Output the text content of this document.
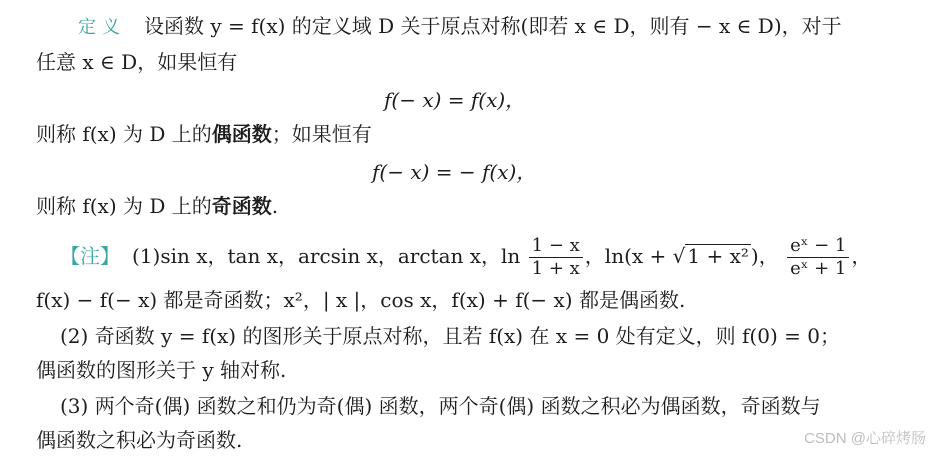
定义 设函数 y = f(x) 的定义域 D 关于原点对称(即若 x ∈ D，则有 − x ∈ D)，对于
任意 x ∈ D，如果恒有
f(− x) = f(x)，
则称 f(x) 为 D 上的偶函数；如果恒有
f(− x) = − f(x)，
则称 f(x) 为 D 上的奇函数.
【注】 (1)sin x，tan x，arcsin x，arctan x，$\ln \frac{1 - x}{1 + x}$ ，ln(x + √ 1 + x² )， $\frac{\text{eˣ − 1}}{\text{eˣ + 1}}$ ，
f(x) − f(− x) 都是奇函数；x²，| x |，cos x，f(x) + f(− x) 都是偶函数.
(2) 奇函数 y = f(x) 的图形关于原点对称，且若 f(x) 在 x = 0 处有定义，则 f(0) = 0；
偶函数的图形关于 y 轴对称.
(3) 两个奇(偶) 函数之和仍为奇(偶) 函数，两个奇(偶) 函数之积必为偶函数，奇函数与
偶函数之积必为奇函数.	CSDN @心碎烤肠
